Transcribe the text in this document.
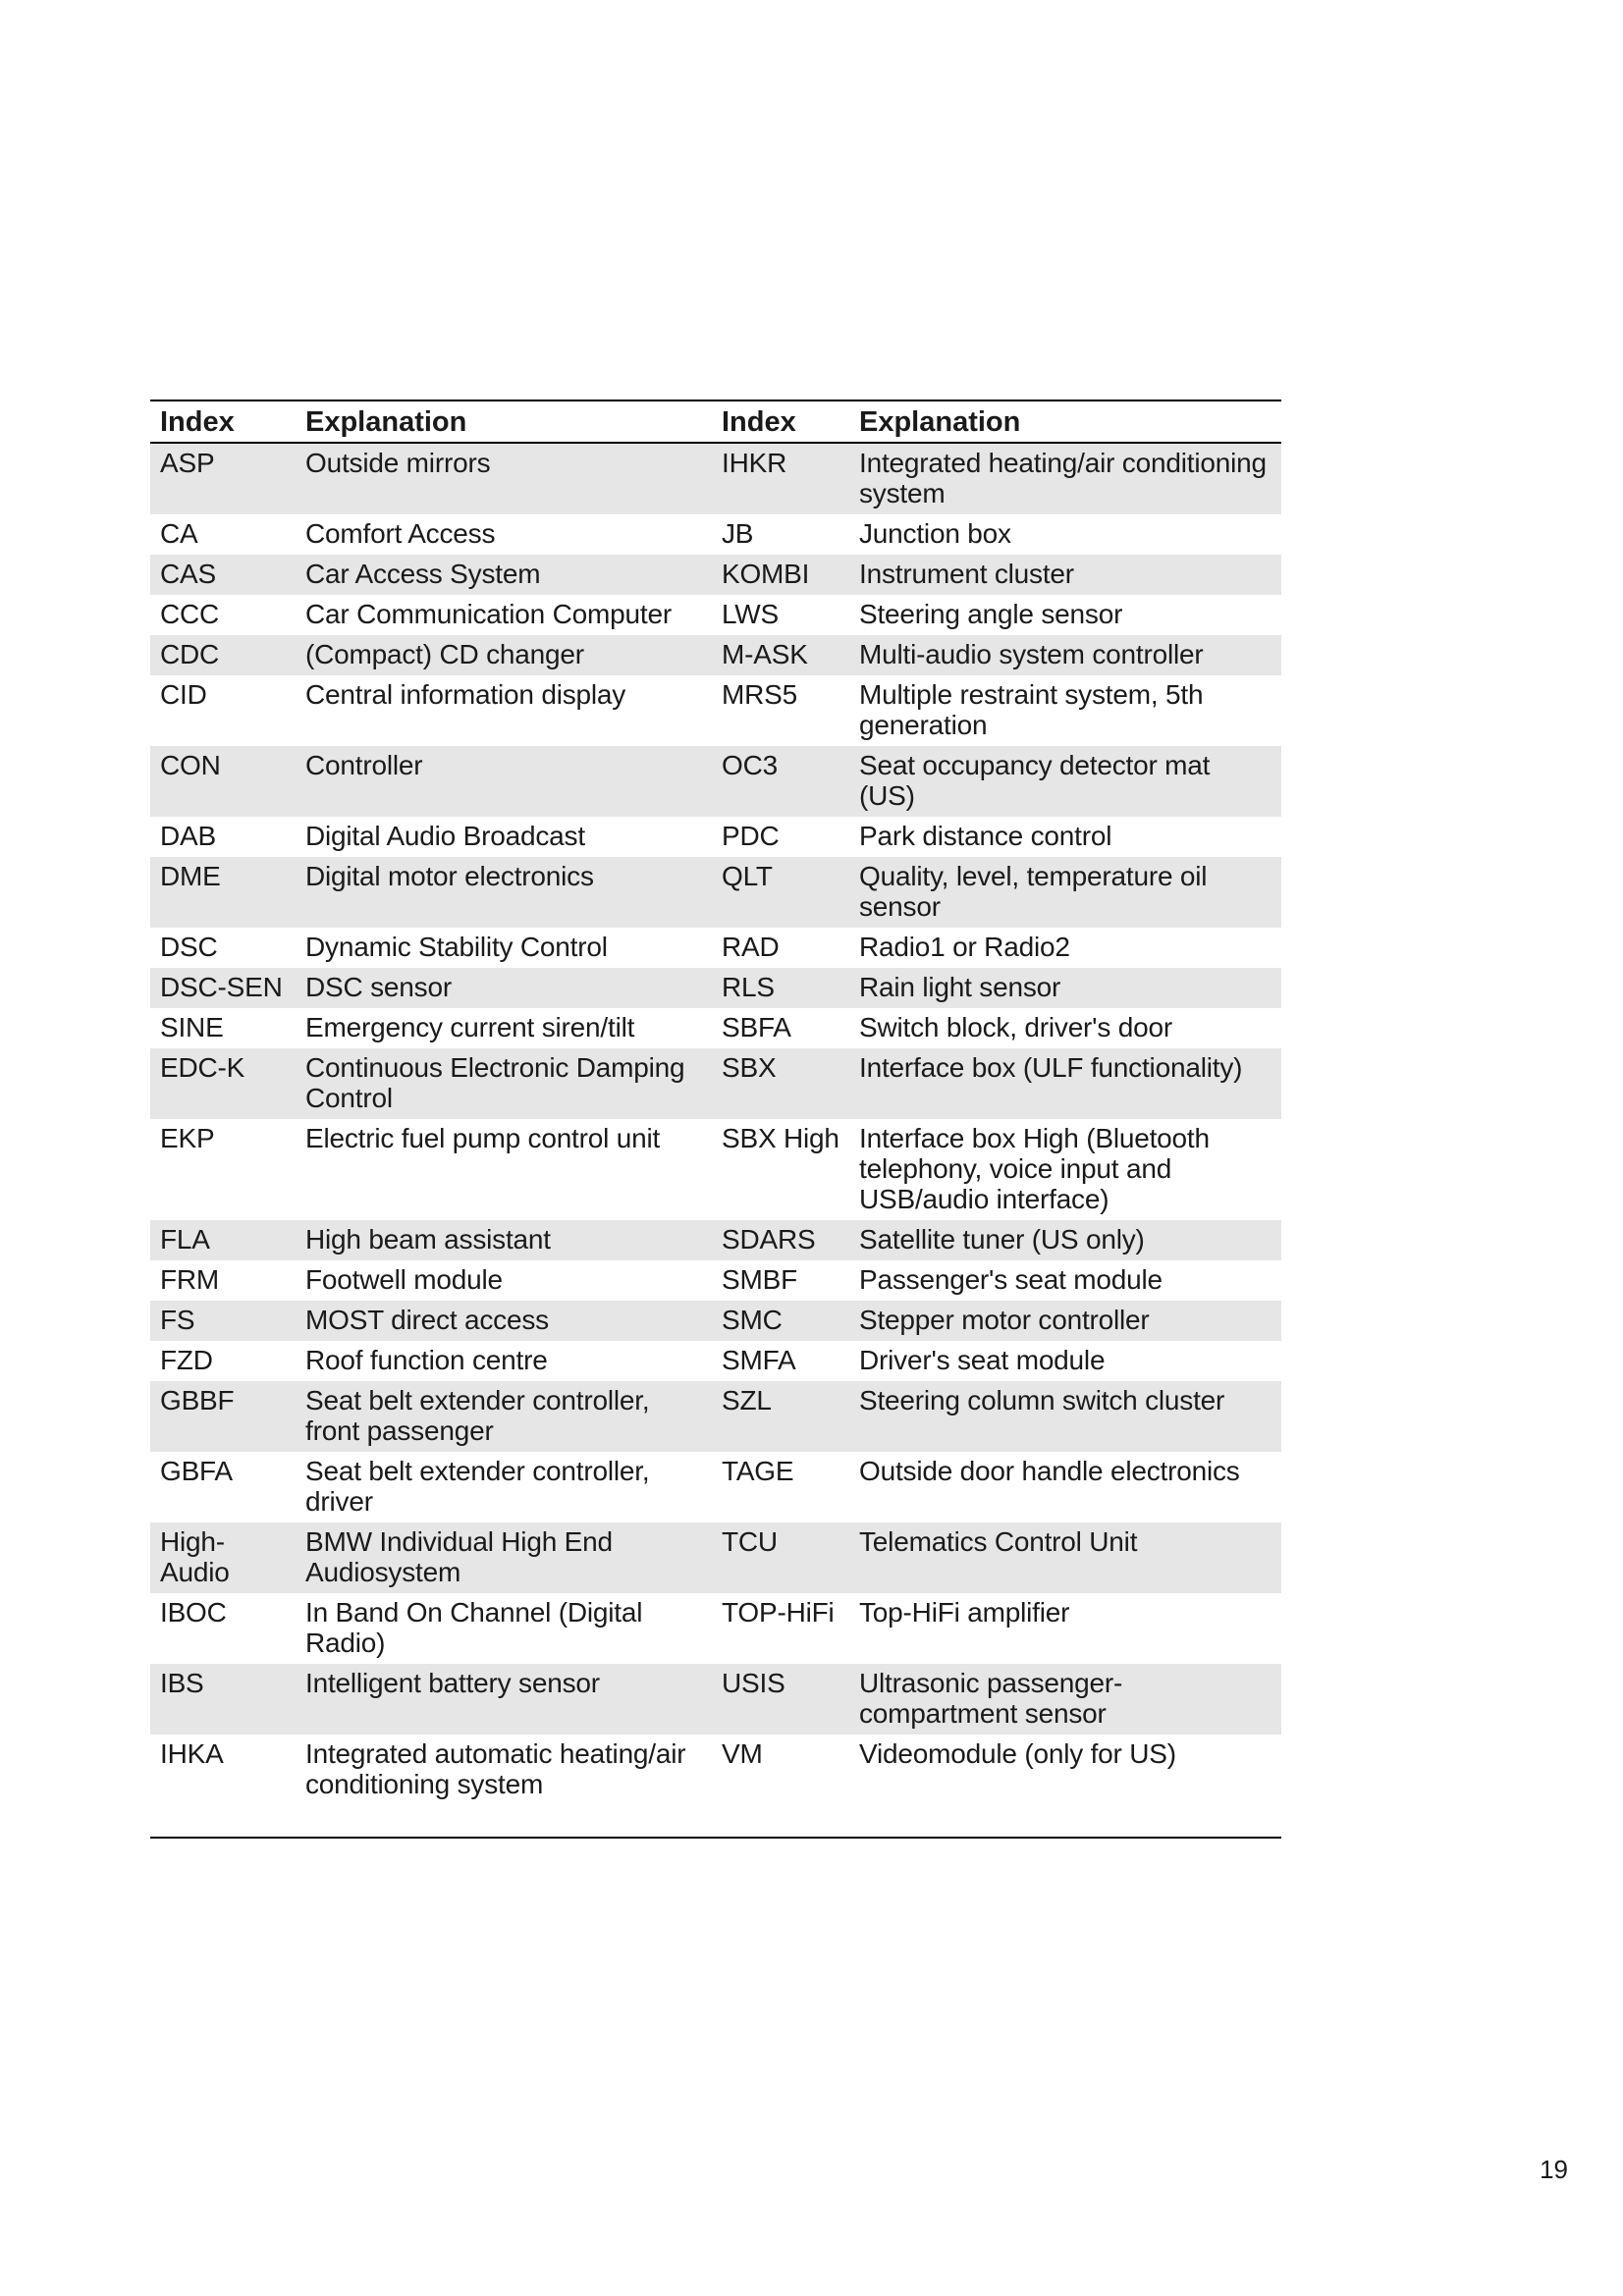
Index	Explanation	Index	Explanation
ASP	Outside mirrors	IHKR	Integrated heating/air conditioning system
CA	Comfort Access	JB	Junction box
CAS	Car Access System	KOMBI	Instrument cluster
CCC	Car Communication Computer	LWS	Steering angle sensor
CDC	(Compact) CD changer	M-ASK	Multi-audio system controller
CID	Central information display	MRS5	Multiple restraint system, 5th generation
CON	Controller	OC3	Seat occupancy detector mat (US)
DAB	Digital Audio Broadcast	PDC	Park distance control
DME	Digital motor electronics	QLT	Quality, level, temperature oil sensor
DSC	Dynamic Stability Control	RAD	Radio1 or Radio2
DSC-SEN	DSC sensor	RLS	Rain light sensor
SINE	Emergency current siren/tilt	SBFA	Switch block, driver's door
EDC-K	Continuous Electronic Damping Control	SBX	Interface box (ULF functionality)
EKP	Electric fuel pump control unit	SBX High	Interface box High (Bluetooth telephony, voice input and USB/audio interface)
FLA	High beam assistant	SDARS	Satellite tuner (US only)
FRM	Footwell module	SMBF	Passenger's seat module
FS	MOST direct access	SMC	Stepper motor controller
FZD	Roof function centre	SMFA	Driver's seat module
GBBF	Seat belt extender controller, front passenger	SZL	Steering column switch cluster
GBFA	Seat belt extender controller, driver	TAGE	Outside door handle electronics
High-Audio	BMW Individual High End Audiosystem	TCU	Telematics Control Unit
IBOC	In Band On Channel (Digital Radio)	TOP-HiFi	Top-HiFi amplifier
IBS	Intelligent battery sensor	USIS	Ultrasonic passenger-compartment sensor
IHKA	Integrated automatic heating/air conditioning system	VM	Videomodule (only for US)
19
